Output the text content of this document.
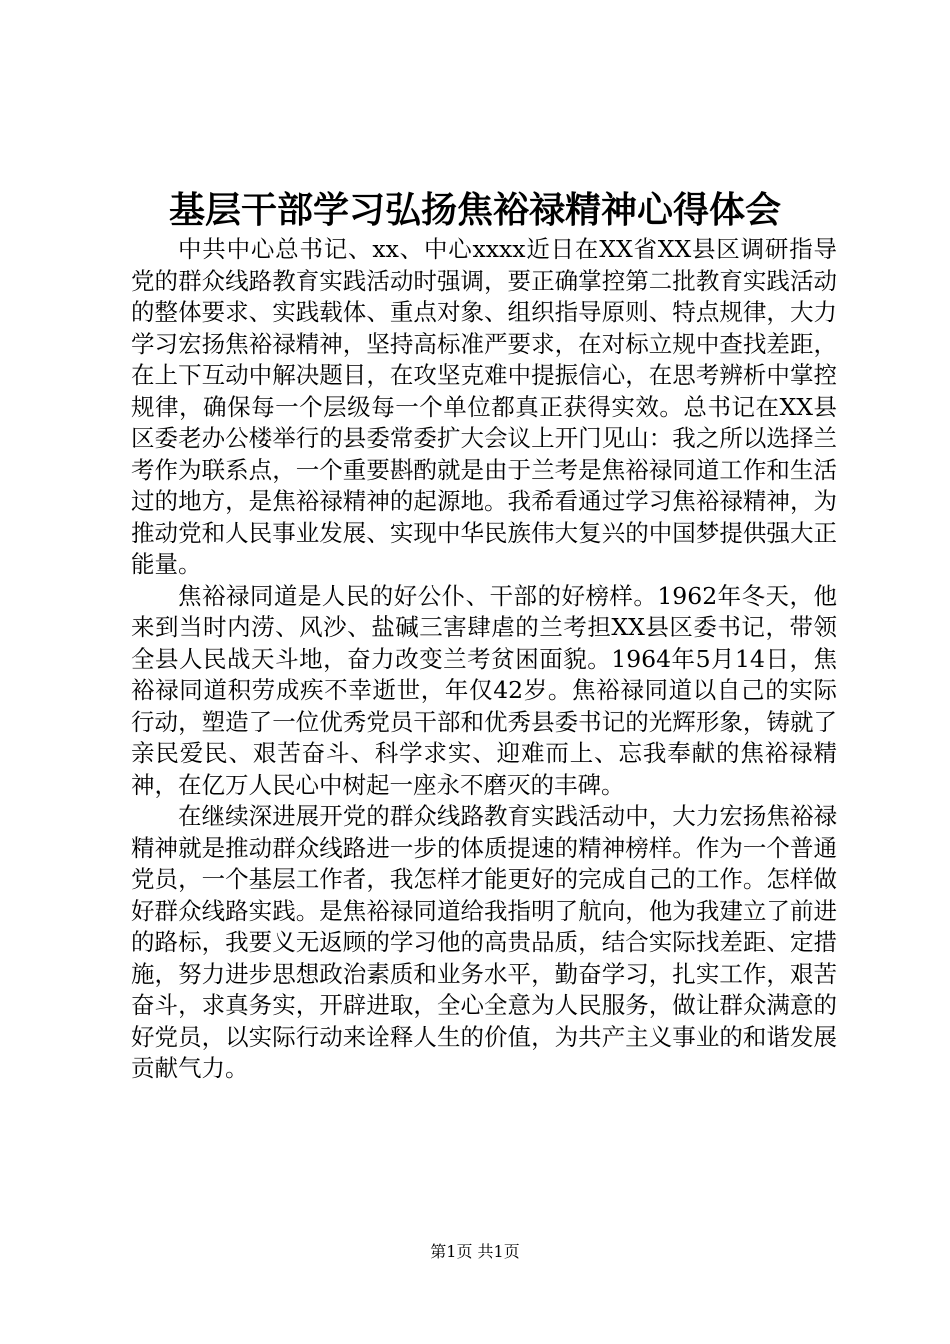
基层干部学习弘扬焦裕禄精神心得体会

中共中心总书记、xx、中心xxxx近日在XX省XX县区调研指导党的群众线路教育实践活动时强调，要正确掌控第二批教育实践活动的整体要求、实践载体、重点对象、组织指导原则、特点规律，大力学习宏扬焦裕禄精神，坚持高标准严要求，在对标立规中查找差距，在上下互动中解决题目，在攻坚克难中提振信心，在思考辨析中掌控规律，确保每一个层级每一个单位都真正获得实效。总书记在XX县区委老办公楼举行的县委常委扩大会议上开门见山：我之所以选择兰考作为联系点，一个重要斟酌就是由于兰考是焦裕禄同道工作和生活过的地方，是焦裕禄精神的起源地。我希看通过学习焦裕禄精神，为推动党和人民事业发展、实现中华民族伟大复兴的中国梦提供强大正能量。

焦裕禄同道是人民的好公仆、干部的好榜样。1962年冬天，他来到当时内涝、风沙、盐碱三害肆虐的兰考担XX县区委书记，带领全县人民战天斗地，奋力改变兰考贫困面貌。1964年5月14日，焦裕禄同道积劳成疾不幸逝世，年仅42岁。焦裕禄同道以自己的实际行动，塑造了一位优秀党员干部和优秀县委书记的光辉形象，铸就了亲民爱民、艰苦奋斗、科学求实、迎难而上、忘我奉献的焦裕禄精神，在亿万人民心中树起一座永不磨灭的丰碑。

在继续深进展开党的群众线路教育实践活动中，大力宏扬焦裕禄精神就是推动群众线路进一步的体质提速的精神榜样。作为一个普通党员，一个基层工作者，我怎样才能更好的完成自己的工作。怎样做好群众线路实践。是焦裕禄同道给我指明了航向，他为我建立了前进的路标，我要义无返顾的学习他的高贵品质，结合实际找差距、定措施，努力进步思想政治素质和业务水平，勤奋学习，扎实工作，艰苦奋斗，求真务实，开辟进取，全心全意为人民服务，做让群众满意的好党员，以实际行动来诠释人生的价值，为共产主义事业的和谐发展贡献气力。

第1页 共1页
